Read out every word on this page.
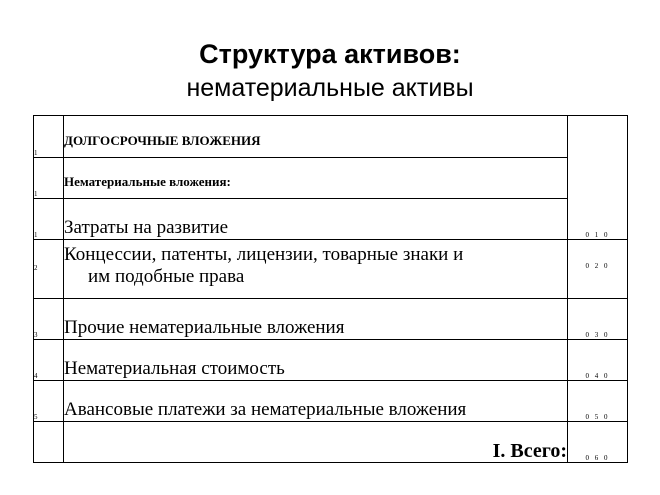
Структура активов:
нематериальные активы
1	ДОЛГОСРОЧНЫЕ ВЛОЖЕНИЯ	0 1 0
1	Нематериальные вложения:	
1	Затраты на развитие	
2	Концессии, патенты, лицензии, товарные знаки и
им подобные права	0 2 0
3	Прочие нематериальные вложения	0 3 0
4	Нематериальная стоимость	0 4 0
5	Авансовые платежи за нематериальные вложения	0 5 0
	I. Всего:	0 6 0
